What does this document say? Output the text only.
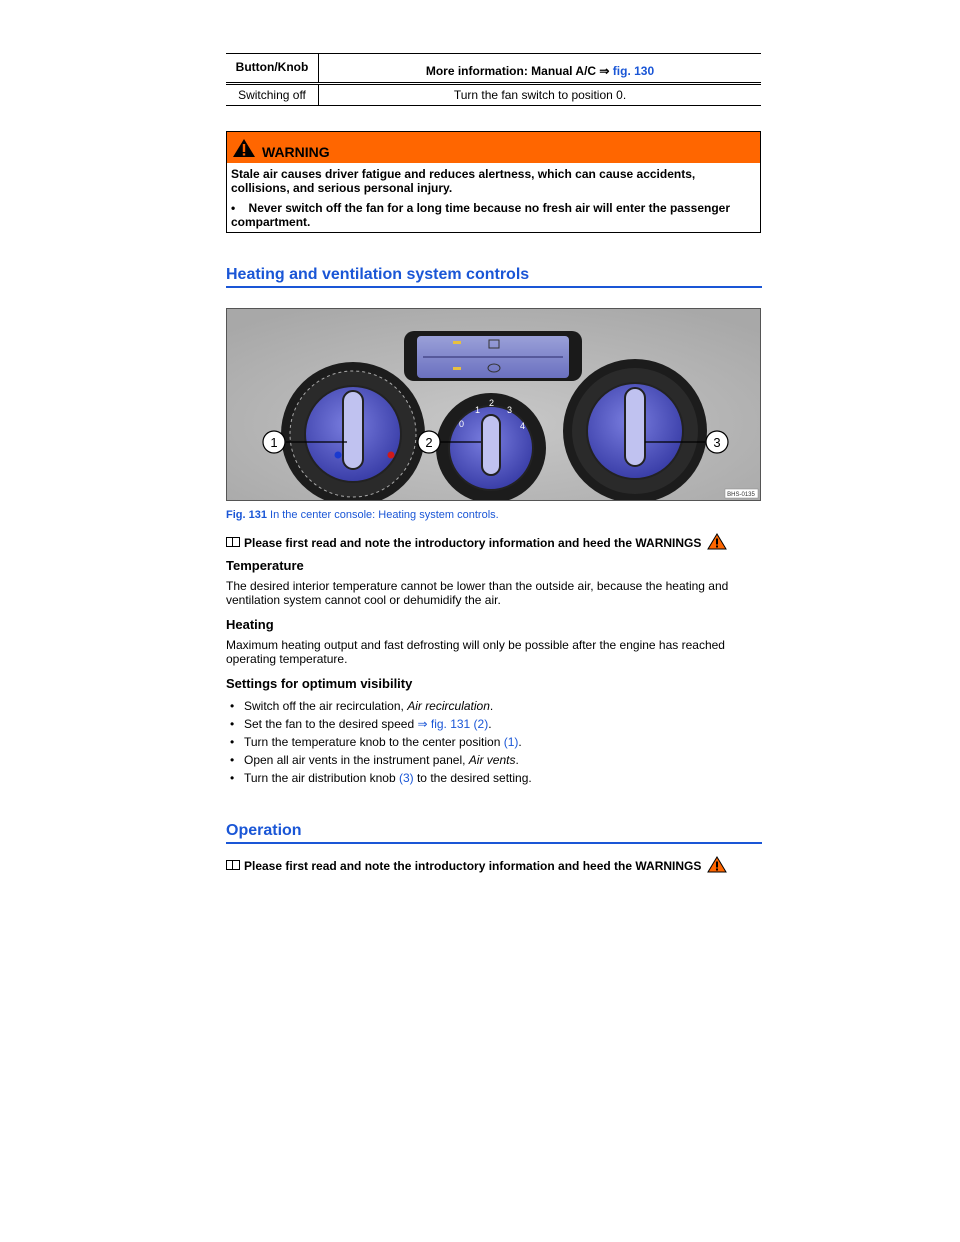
Button/Knob	More information: Manual A/C ⇒ fig. 130
Switching off	Turn the fan switch to position 0.
WARNING

Stale air causes driver fatigue and reduces alertness, which can cause accidents, collisions, and serious personal injury.

•    Never switch off the fan for a long time because no fresh air will enter the passenger compartment.

Heating and ventilation system controls
0
1
2
3
4
1	2	3
BHS-0135
Fig. 131 In the center console: Heating system controls.
Please first read and note the introductory information and heed the WARNINGS
Temperature
The desired interior temperature cannot be lower than the outside air, because the heating and ventilation system cannot cool or dehumidify the air.
Heating
Maximum heating output and fast defrosting will only be possible after the engine has reached operating temperature.
Settings for optimum visibility
• Switch off the air recirculation, Air recirculation.
• Set the fan to the desired speed ⇒ fig. 131 (2).
• Turn the temperature knob to the center position (1).
• Open all air vents in the instrument panel, Air vents.
• Turn the air distribution knob (3) to the desired setting.
Operation
Please first read and note the introductory information and heed the WARNINGS
